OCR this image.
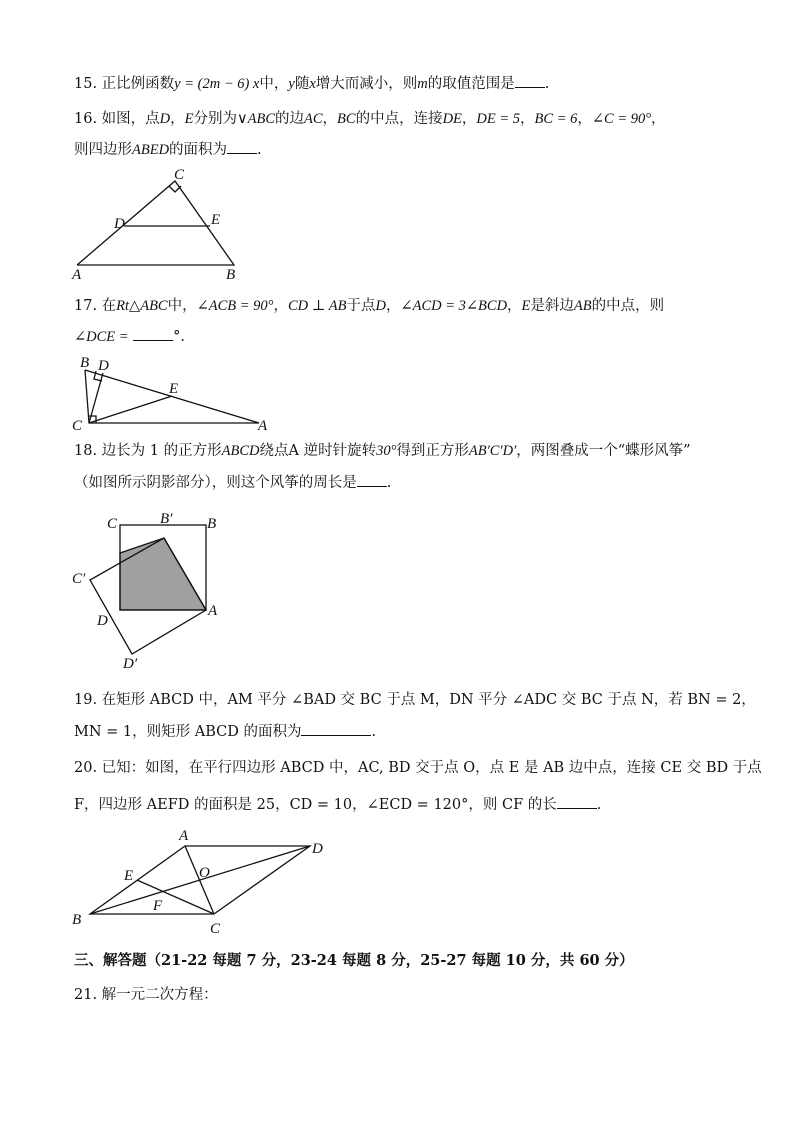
15. 正比例函数y = (2m − 6) x中，y随x增大而减小，则m的取值范围是 .
16. 如图，点D，E分别为∨ABC的边AC，BC的中点，连接DE，DE = 5，BC = 6，∠C = 90°，
则四边形ABED的面积为 .
C
D	E
A	B
17. 在Rt△ABC中，∠ACB = 90°，CD ⊥ AB于点D，∠ACD = 3∠BCD，E是斜边AB的中点，则
∠DCE =	°.
B D
E
C	A
18. 边长为 1 的正方形ABCD绕点A 逆时针旋转30°得到正方形AB′C′D′，两图叠成一个“蝶形风筝”
（如图所示阴影部分），则这个风筝的周长是 .
C	B′ B
C′
A
D
D′
19. 在矩形 ABCD 中，AM 平分 ∠BAD 交 BC 于点 M，DN 平分 ∠ADC 交 BC 于点 N，若 BN = 2，
MN = 1，则矩形 ABCD 的面积为	.
20. 已知：如图，在平行四边形 ABCD 中，AC, BD 交于点 O，点 E 是 AB 边中点，连接 CE 交 BD 于点
F，四边形 AEFD 的面积是 25，CD = 10，∠ECD = 120°，则 CF 的长	.
A
D
E	O
F
B
C
三、解答题（21-22 每题 7 分，23-24 每题 8 分，25-27 每题 10 分，共 60 分）
21. 解一元二次方程：
